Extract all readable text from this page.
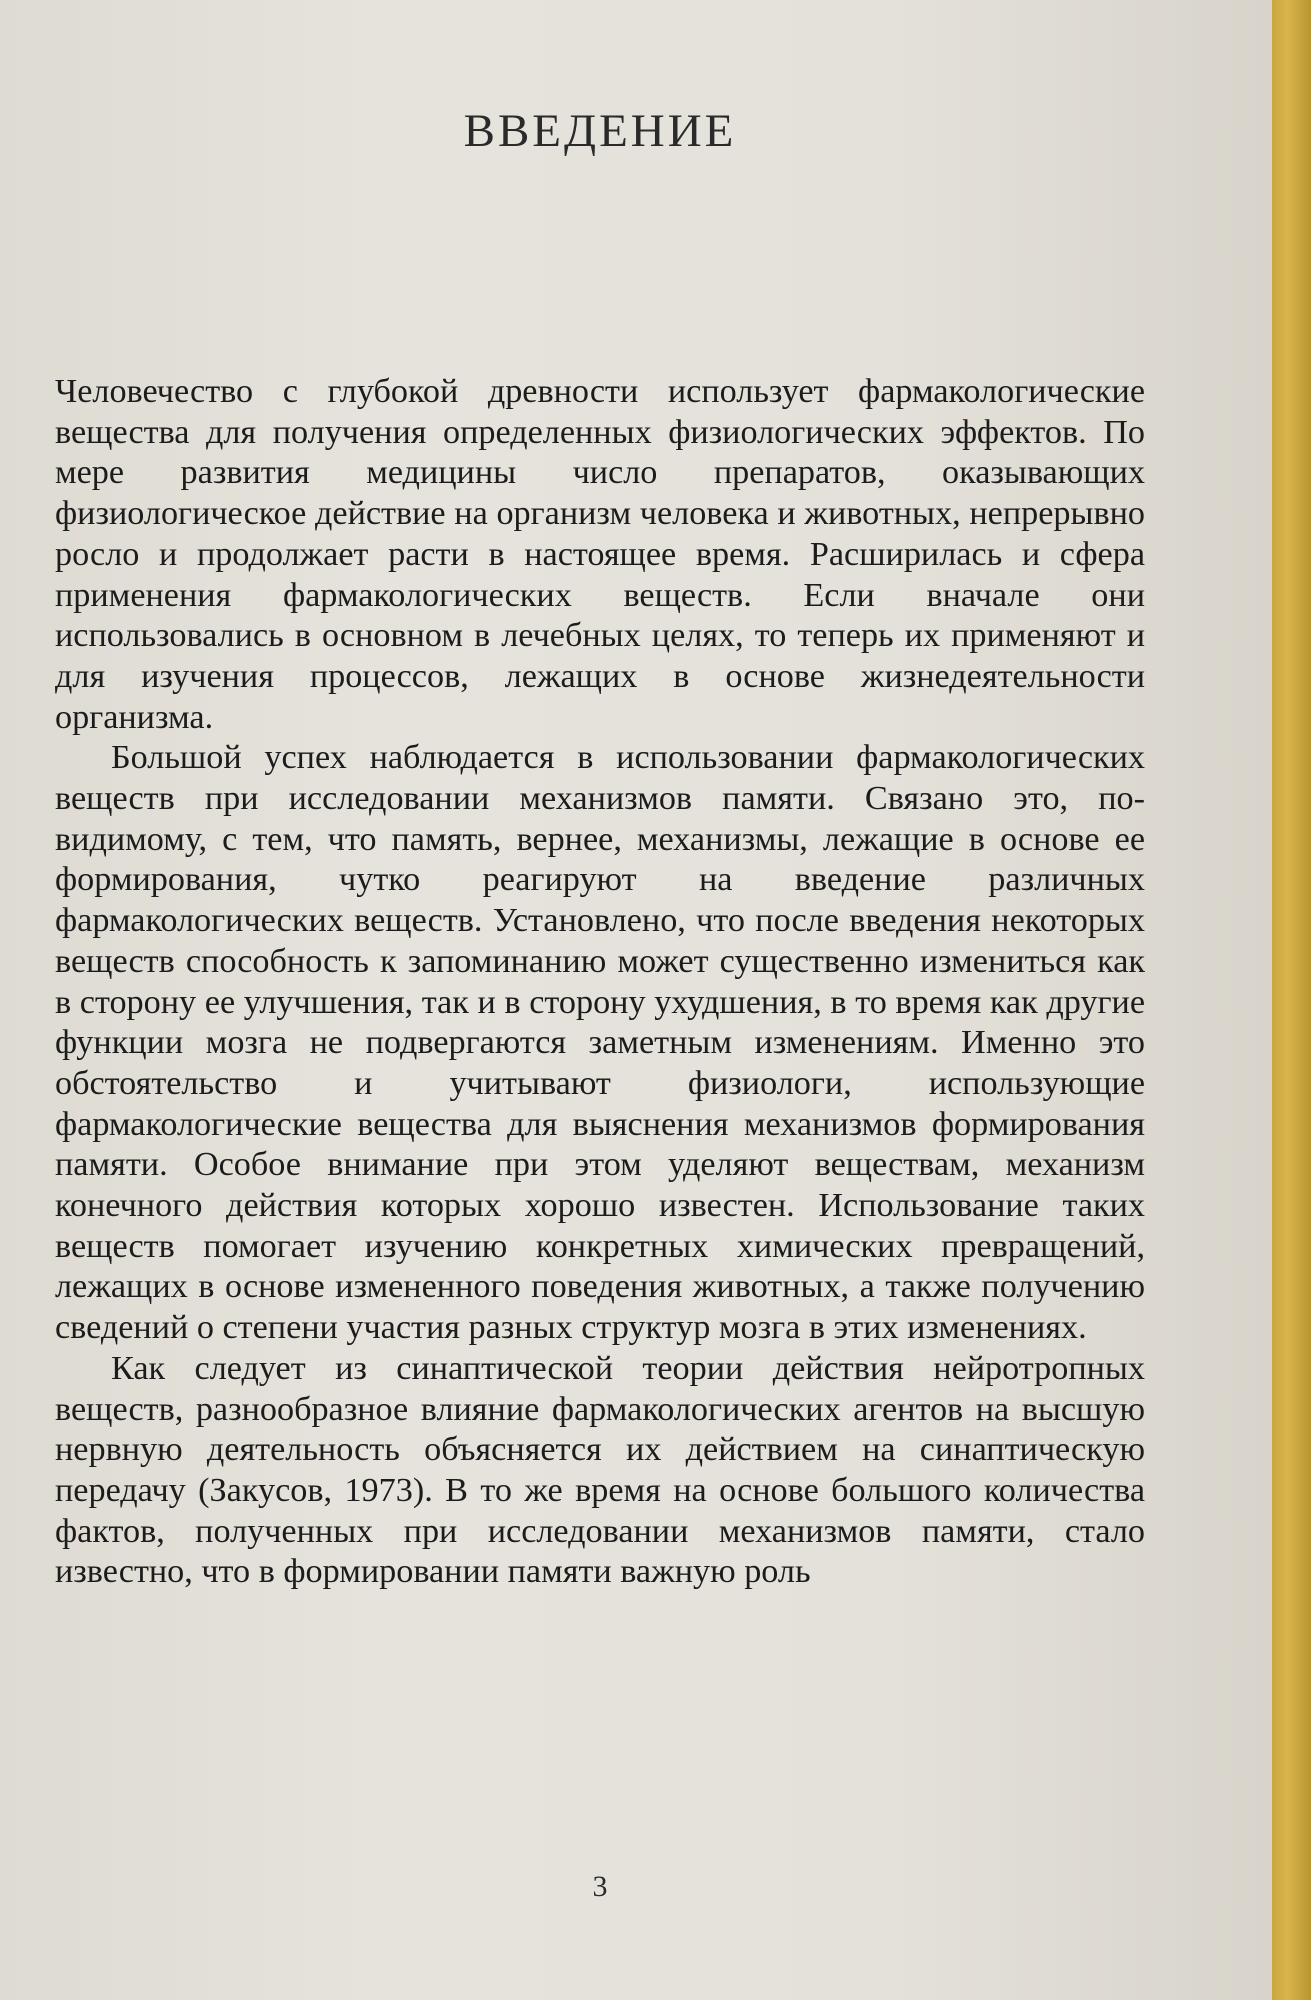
ВВЕДЕНИЕ

Человечество с глубокой древности использует фармакологические вещества для получения определенных физиологических эффектов. По мере развития медицины число препаратов, оказывающих физиологическое действие на организм человека и животных, непрерывно росло и продолжает расти в настоящее время. Расширилась и сфера применения фармакологических веществ. Если вначале они использовались в основном в лечебных целях, то теперь их применяют и для изучения процессов, лежащих в основе жизнедеятельности организма.

Большой успех наблюдается в использовании фармакологических веществ при исследовании механизмов памяти. Связано это, по-видимому, с тем, что память, вернее, механизмы, лежащие в основе ее формирования, чутко реагируют на введение различных фармакологических веществ. Установлено, что после введения некоторых веществ способность к запоминанию может существенно измениться как в сторону ее улучшения, так и в сторону ухудшения, в то время как другие функции мозга не подвергаются заметным изменениям. Именно это обстоятельство и учитывают физиологи, использующие фармакологические вещества для выяснения механизмов формирования памяти. Особое внимание при этом уделяют веществам, механизм конечного действия которых хорошо известен. Использование таких веществ помогает изучению конкретных химических превращений, лежащих в основе измененного поведения животных, а также получению сведений о степени участия разных структур мозга в этих изменениях.

Как следует из синаптической теории действия нейротропных веществ, разнообразное влияние фармакологических агентов на высшую нервную деятельность объясняется их действием на синаптическую передачу (Закусов, 1973). В то же время на основе большого количества фактов, полученных при исследовании механизмов памяти, стало известно, что в формировании памяти важную роль

3
